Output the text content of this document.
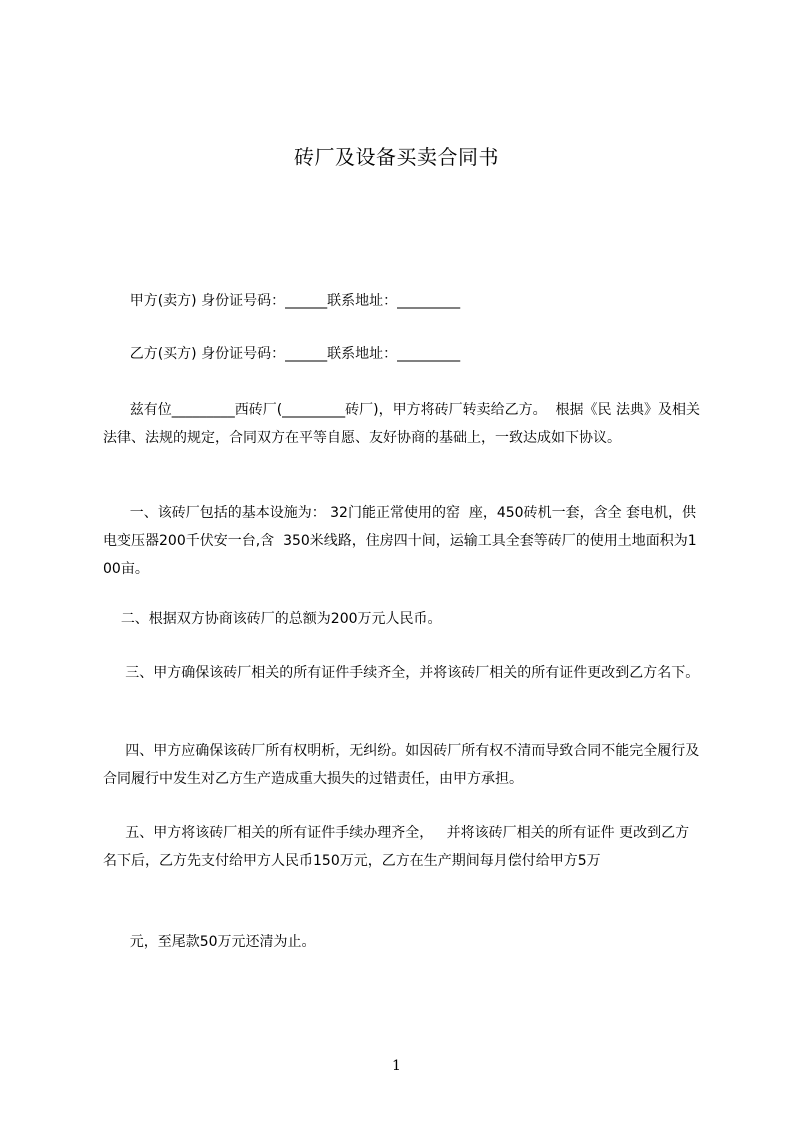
砖厂及设备买卖合同书
甲方(卖方) 身份证号码：______联系地址：_________
乙方(买方) 身份证号码：______联系地址：_________
兹有位_________西砖厂(_________砖厂)，甲方将砖厂转卖给乙方。  根据《民 法典》及相关法律、法规的规定，合同双方在平等自愿、友好协商的基础上，一致达成如下协议。
一、该砖厂包括的基本设施为： 32门能正常使用的窑  座，450砖机一套，含全 套电机，供电变压器200千伏安一台,含  350米线路，住房四十间，运输工具全套等砖厂的使用土地面积为100亩。
二、根据双方协商该砖厂的总额为200万元人民币。
三、甲方确保该砖厂相关的所有证件手续齐全，并将该砖厂相关的所有证件更改到乙方名下。
四、甲方应确保该砖厂所有权明析，无纠纷。如因砖厂所有权不清而导致合同不能完全履行及合同履行中发生对乙方生产造成重大损失的过错责任，由甲方承担。
五、甲方将该砖厂相关的所有证件手续办理齐全，   并将该砖厂相关的所有证件 更改到乙方名下后，乙方先支付给甲方人民币150万元，乙方在生产期间每月偿付给甲方5万
元，至尾款50万元还清为止。
1
